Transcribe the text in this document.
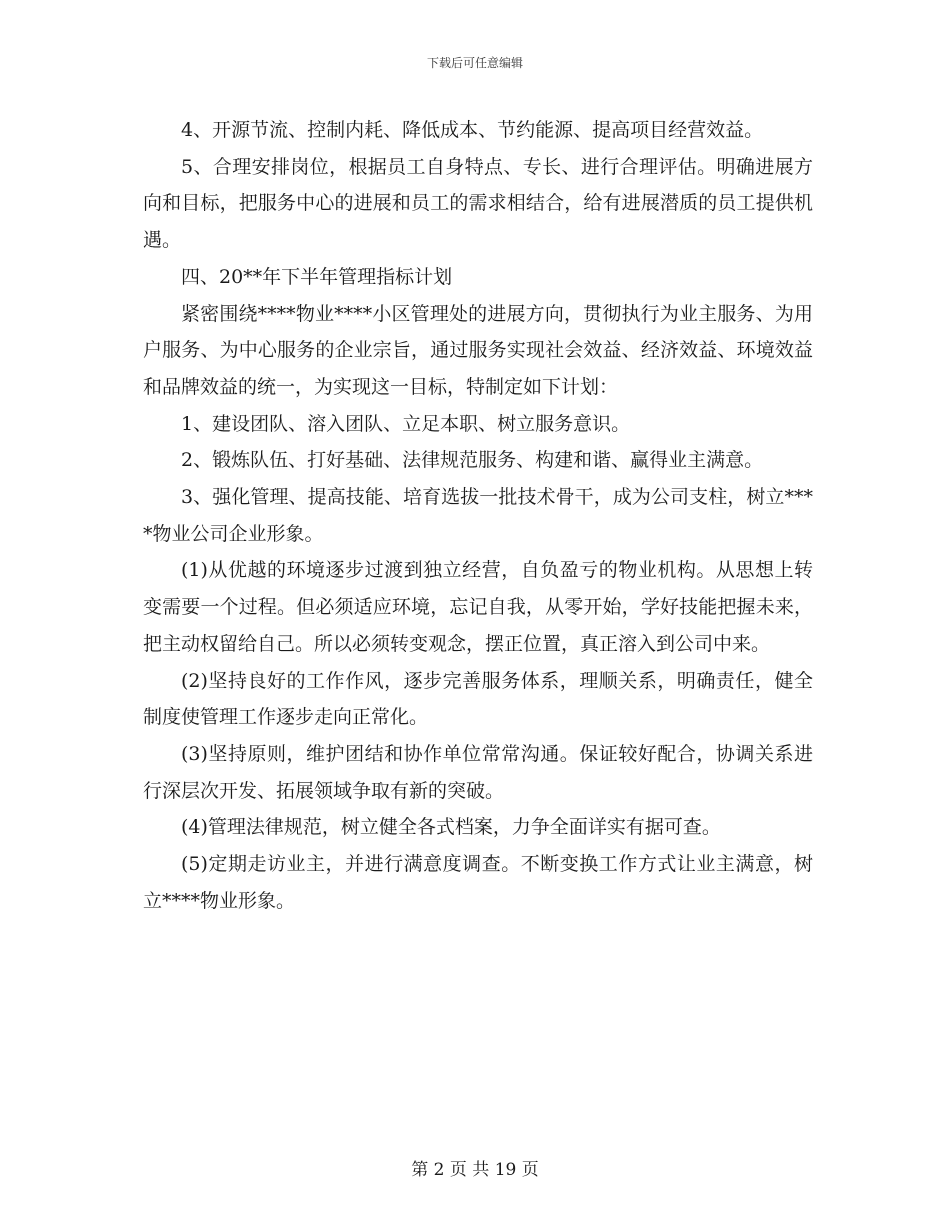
下载后可任意编辑

4、开源节流、控制内耗、降低成本、节约能源、提高项目经营效益。

5、合理安排岗位，根据员工自身特点、专长、进行合理评估。明确进展方向和目标，把服务中心的进展和员工的需求相结合，给有进展潜质的员工提供机遇。

四、20**年下半年管理指标计划

紧密围绕****物业****小区管理处的进展方向，贯彻执行为业主服务、为用户服务、为中心服务的企业宗旨，通过服务实现社会效益、经济效益、环境效益和品牌效益的统一，为实现这一目标，特制定如下计划：

1、建设团队、溶入团队、立足本职、树立服务意识。

2、锻炼队伍、打好基础、法律规范服务、构建和谐、赢得业主满意。

3、强化管理、提高技能、培育选拔一批技术骨干，成为公司支柱，树立****物业公司企业形象。

(1)从优越的环境逐步过渡到独立经营，自负盈亏的物业机构。从思想上转变需要一个过程。但必须适应环境，忘记自我，从零开始，学好技能把握未来，把主动权留给自己。所以必须转变观念，摆正位置，真正溶入到公司中来。

(2)坚持良好的工作作风，逐步完善服务体系，理顺关系，明确责任，健全制度使管理工作逐步走向正常化。

(3)坚持原则，维护团结和协作单位常常沟通。保证较好配合，协调关系进行深层次开发、拓展领域争取有新的突破。

(4)管理法律规范，树立健全各式档案，力争全面详实有据可查。

(5)定期走访业主，并进行满意度调查。不断变换工作方式让业主满意，树立****物业形象。

第 2 页 共 19 页
